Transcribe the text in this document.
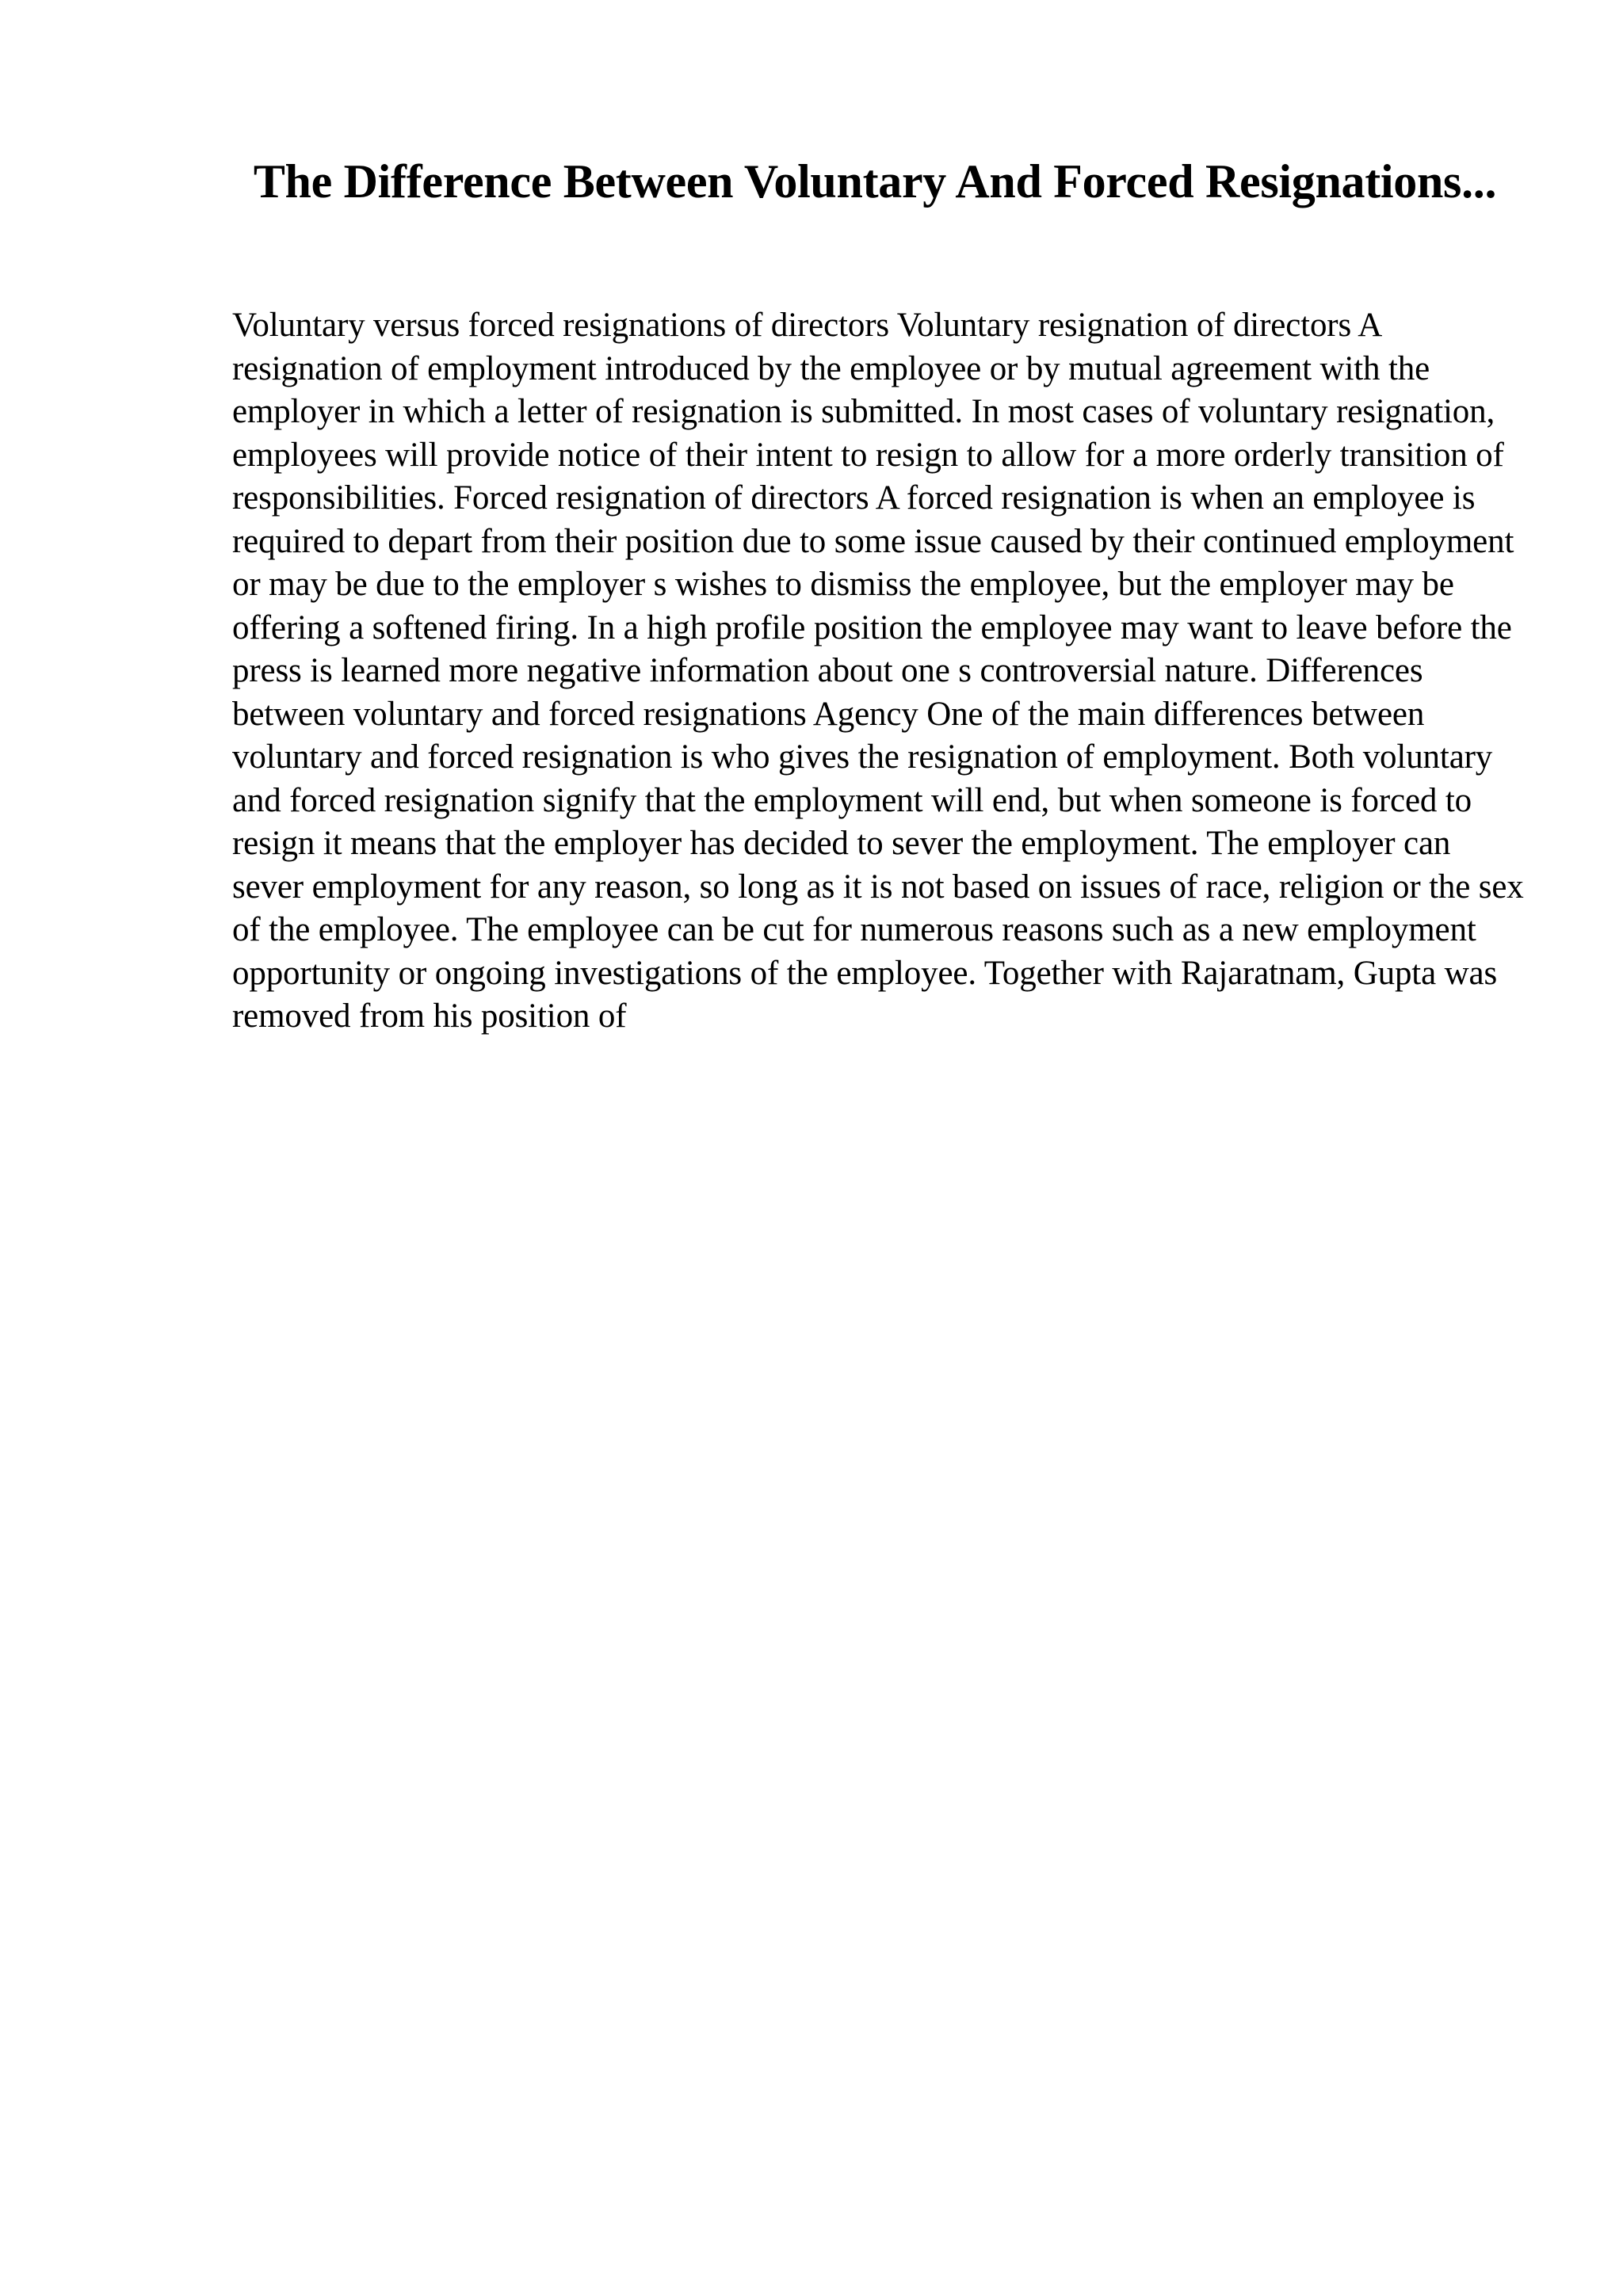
The Difference Between Voluntary And Forced Resignations...

Voluntary versus forced resignations of directors Voluntary resignation of directors A resignation of employment introduced by the employee or by mutual agreement with the employer in which a letter of resignation is submitted. In most cases of voluntary resignation, employees will provide notice of their intent to resign to allow for a more orderly transition of responsibilities. Forced resignation of directors A forced resignation is when an employee is required to depart from their position due to some issue caused by their continued employment or may be due to the employer s wishes to dismiss the employee, but the employer may be offering a softened firing. In a high profile position the employee may want to leave before the press is learned more negative information about one s controversial nature. Differences between voluntary and forced resignations Agency One of the main differences between voluntary and forced resignation is who gives the resignation of employment. Both voluntary and forced resignation signify that the employment will end, but when someone is forced to resign it means that the employer has decided to sever the employment. The employer can sever employment for any reason, so long as it is not based on issues of race, religion or the sex of the employee. The employee can be cut for numerous reasons such as a new employment opportunity or ongoing investigations of the employee. Together with Rajaratnam, Gupta was removed from his position of
